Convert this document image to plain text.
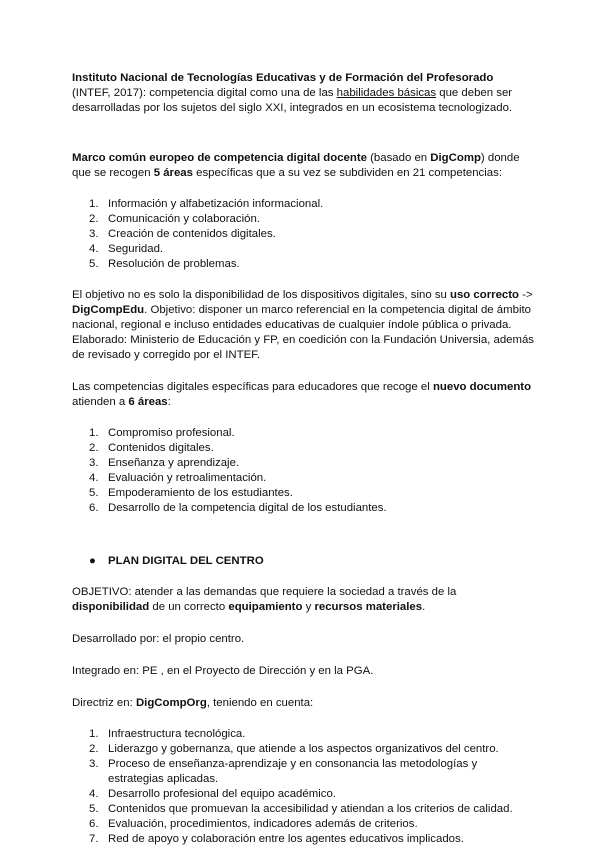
Instituto Nacional de Tecnologías Educativas y de Formación del Profesorado (INTEF, 2017): competencia digital como una de las habilidades básicas que deben ser desarrolladas por los sujetos del siglo XXI, integrados en un ecosistema tecnologizado.

Marco común europeo de competencia digital docente (basado en DigComp) donde que se recogen 5 áreas específicas que a su vez se subdividen en 21 competencias:

1. Información y alfabetización informacional.
2. Comunicación y colaboración.
3. Creación de contenidos digitales.
4. Seguridad.
5. Resolución de problemas.

El objetivo no es solo la disponibilidad de los dispositivos digitales, sino su uso correcto -> DigCompEdu. Objetivo: disponer un marco referencial en la competencia digital de ámbito nacional, regional e incluso entidades educativas de cualquier índole pública o privada. Elaborado: Ministerio de Educación y FP, en coedición con la Fundación Universia, además de revisado y corregido por el INTEF.

Las competencias digitales específicas para educadores que recoge el nuevo documento atienden a 6 áreas:

1. Compromiso profesional.
2. Contenidos digitales.
3. Enseñanza y aprendizaje.
4. Evaluación y retroalimentación.
5. Empoderamiento de los estudiantes.
6. Desarrollo de la competencia digital de los estudiantes.
● PLAN DIGITAL DEL CENTRO

OBJETIVO: atender a las demandas que requiere la sociedad a través de la disponibilidad de un correcto equipamiento y recursos materiales.

Desarrollado por: el propio centro.

Integrado en: PE , en el Proyecto de Dirección y en la PGA.

Directriz en: DigCompOrg, teniendo en cuenta:

1. Infraestructura tecnológica.
2. Liderazgo y gobernanza, que atiende a los aspectos organizativos del centro.
3. Proceso de enseñanza-aprendizaje y en consonancia las metodologías y estrategias aplicadas.
4. Desarrollo profesional del equipo académico.
5. Contenidos que promuevan la accesibilidad y atiendan a los criterios de calidad.
6. Evaluación, procedimientos, indicadores además de criterios.
7. Red de apoyo y colaboración entre los agentes educativos implicados.
